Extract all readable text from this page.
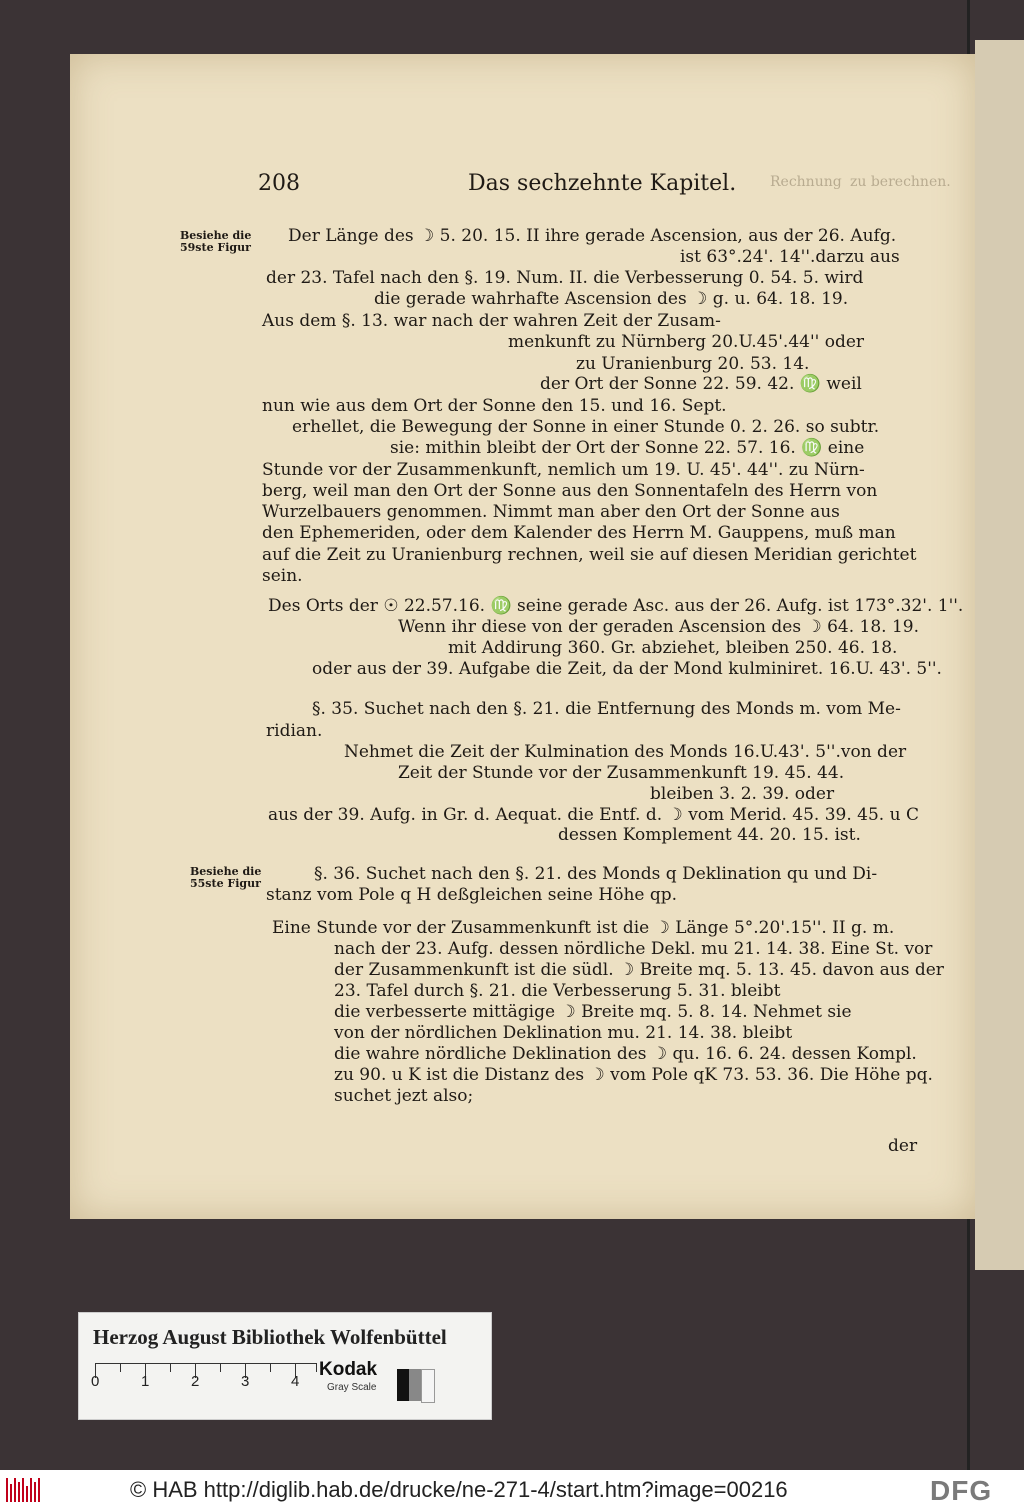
Rechnung zu berechnen.
208	Das sechzehnte Kapitel.
Besiehe die 59ste Figur
Besiehe die 55ste Figur
Der Länge des ☽ 5. 20. 15. II ihre gerade Ascension, aus der 26. Aufg.
ist 63°.24'. 14''.darzu aus
der 23. Tafel nach den §. 19. Num. II. die Verbesserung 0. 54. 5. wird
die gerade wahrhafte Ascension des ☽ g. u. 64. 18. 19.
Aus dem §. 13. war nach der wahren Zeit der Zusam-
menkunft zu Nürnberg 20.U.45'.44'' oder
zu Uranienburg 20. 53. 14.
der Ort der Sonne 22. 59. 42. ♍ weil
nun wie aus dem Ort der Sonne den 15. und 16. Sept.
erhellet, die Bewegung der Sonne in einer Stunde 0. 2. 26. so subtr.
sie: mithin bleibt der Ort der Sonne 22. 57. 16. ♍ eine
Stunde vor der Zusammenkunft, nemlich um 19. U. 45'. 44''. zu Nürn-
berg, weil man den Ort der Sonne aus den Sonnentafeln des Herrn von
Wurzelbauers genommen. Nimmt man aber den Ort der Sonne aus
den Ephemeriden, oder dem Kalender des Herrn M. Gauppens, muß man
auf die Zeit zu Uranienburg rechnen, weil sie auf diesen Meridian gerichtet
sein.
Des Orts der ☉ 22.57.16. ♍ seine gerade Asc. aus der 26. Aufg. ist 173°.32'. 1''.
Wenn ihr diese von der geraden Ascension des ☽ 64. 18. 19.
mit Addirung 360. Gr. abziehet, bleiben 250. 46. 18.
oder aus der 39. Aufgabe die Zeit, da der Mond kulminiret. 16.U. 43'. 5''.
§. 35. Suchet nach den §. 21. die Entfernung des Monds m. vom Me-
ridian.
Nehmet die Zeit der Kulmination des Monds 16.U.43'. 5''.von der
Zeit der Stunde vor der Zusammenkunft 19. 45. 44.
bleiben 3. 2. 39. oder
aus der 39. Aufg. in Gr. d. Aequat. die Entf. d. ☽ vom Merid. 45. 39. 45. u C
dessen Komplement 44. 20. 15. ist.
§. 36. Suchet nach den §. 21. des Monds q Deklination qu und Di-
stanz vom Pole q H deßgleichen seine Höhe qp.
Eine Stunde vor der Zusammenkunft ist die ☽ Länge 5°.20'.15''. II g. m.
nach der 23. Aufg. dessen nördliche Dekl. mu 21. 14. 38. Eine St. vor
der Zusammenkunft ist die südl. ☽ Breite mq. 5. 13. 45. davon aus der
23. Tafel durch §. 21. die Verbesserung 5. 31. bleibt
die verbesserte mittägige ☽ Breite mq. 5. 8. 14. Nehmet sie
von der nördlichen Deklination mu. 21. 14. 38. bleibt
die wahre nördliche Deklination des ☽ qu. 16. 6. 24. dessen Kompl.
zu 90. u K ist die Distanz des ☽ vom Pole qK 73. 53. 36. Die Höhe pq.
suchet jezt also;
der
Herzog August Bibliothek Wolfenbüttel
0	1	2	3	4
Kodak
Gray Scale
© HAB http://diglib.hab.de/drucke/ne-271-4/start.htm?image=00216	DFG
